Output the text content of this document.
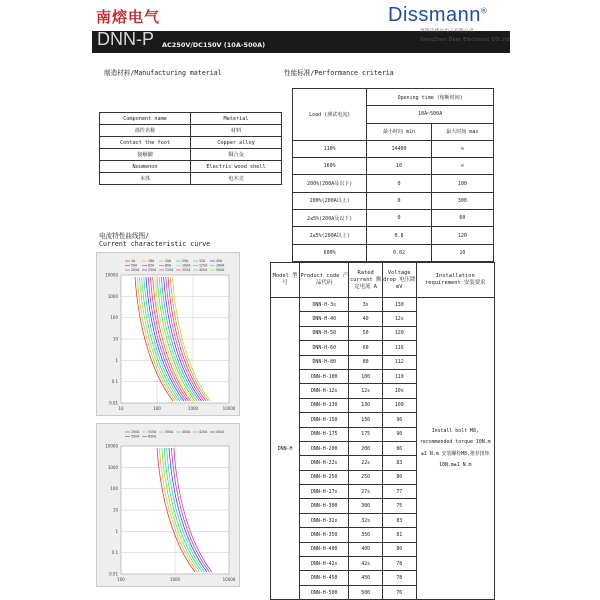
南熔电气	Dissmann®
DNN-P AC250V/DC150V (10A-500A)
深圳市德尔电子有限公司
ShenZhen Deer Electronic CO.,ltd
制造材料/Manufacturing material
Component name	Material
部件名称	材料
Contact the foot	Copper alloy
接触脚	铜合金
Noumenon	Electric wood shell
本体	电木壳
性能标准/Performance criteria
Load (测试电流)	Opening time (熔断时间)	
	10A~500A	
	最小时间 min	最大时间 max
110%	14400	∞
160%	10	∞
200%(200A及以下)	0	100
200%(200A以上)	0	300
2≤5%(200A及以下)	0	60
2≤5%(200A以上)	0.8	120
600%	0.02	10
电流特性曲线图/
Current characteristic curve
10000
1000
100
10
1
0.1
0.01
10	100	1000	10000
1A	16A	20A	25A	32A	40A
50A	63A	80A	100A	125A	160A
200A	250A	315A	355A	400A	500A
10000
1000
100
10
1
0.1
0.01
100	1000	10000
250A	315A	355A	400A	425A	450A
500A	630A
Model 型号	Product code 产品代码	Rated current 额定电流 A	Voltage drop 电压降 mV	Installation requirement 安装要求
DNN-H	DNN-H-3s	3s	130	Install bolt M8, recommended torque 10N.m ±1 N.m 安装螺栓M8,推荐扭矩10N.m±1 N.m
	DNN-H-40	40	12s	
	DNN-H-50	50	120	
	DNN-H-60	60	116	
	DNN-H-80	80	112	
	DNN-H-100	100	110	
	DNN-H-12s	12s	10s	
	DNN-H-130	130	100	
	DNN-H-150	150	96	
	DNN-H-175	175	90	
	DNN-H-200	200	86	
	DNN-H-22s	22s	83	
	DNN-H-250	250	80	
	DNN-H-27s	27s	77	
	DNN-H-300	300	75	
	DNN-H-32s	32s	83	
	DNN-H-350	350	81	
	DNN-H-400	400	80	
	DNN-H-42s	42s	78	
	DNN-H-450	450	78	
	DNN-H-500	500	76	
